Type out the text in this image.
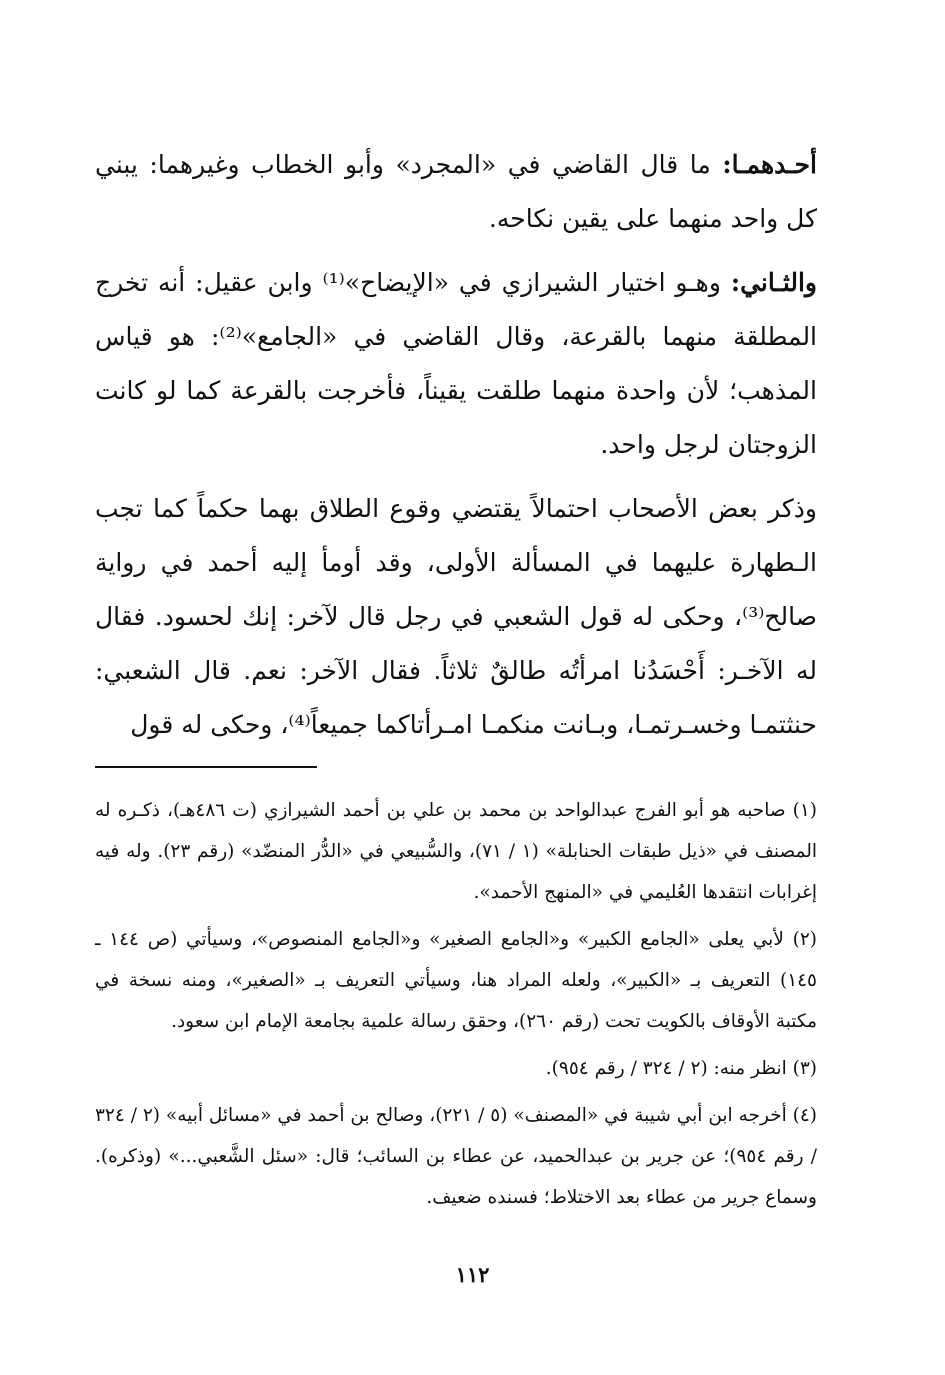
أحـدهمـا: ما قال القاضي في «المجرد» وأبو الخطاب وغيرهما: يبني كل واحد منهما على يقين نكاحه.

والثـاني: وهـو اختيار الشيرازي في «الإيضاح»⁽¹⁾ وابن عقيل: أنه تخرج المطلقة منهما بالقرعة، وقال القاضي في «الجامع»⁽²⁾: هو قياس المذهب؛ لأن واحدة منهما طلقت يقيناً، فأخرجت بالقرعة كما لو كانت الزوجتان لرجل واحد.

وذكر بعض الأصحاب احتمالاً يقتضي وقوع الطلاق بهما حكماً كما تجب الـطهارة عليهما في المسألة الأولى، وقد أومأ إليه أحمد في رواية صالح⁽³⁾، وحكى له قول الشعبي في رجل قال لآخر: إنك لحسود. فقال له الآخـر: أَحْسَدُنا امرأتُه طالقٌ ثلاثاً. فقال الآخر: نعم. قال الشعبي: حنثتمـا وخسـرتمـا، وبـانت منكمـا امـرأتاكما جميعاً⁽⁴⁾، وحكى له قول

(١) صاحبه هو أبو الفرج عبدالواحد بن محمد بن علي بن أحمد الشيرازي (ت ٤٨٦هـ)، ذكـره له المصنف في «ذيل طبقات الحنابلة» (١ / ٧١)، والسُّبيعي في «الدُّر المنضّد» (رقم ٢٣). وله فيه إغرابات انتقدها العُليمي في «المنهج الأحمد».

(٢) لأبي يعلى «الجامع الكبير» و«الجامع الصغير» و«الجامع المنصوص»، وسيأتي (ص ١٤٤ ـ ١٤٥) التعريف بـ «الكبير»، ولعله المراد هنا، وسيأتي التعريف بـ «الصغير»، ومنه نسخة في مكتبة الأوقاف بالكويت تحت (رقم ٢٦٠)، وحقق رسالة علمية بجامعة الإمام ابن سعود.

(٣) انظر منه: (٢ / ٣٢٤ / رقم ٩٥٤).

(٤) أخرجه ابن أبي شيبة في «المصنف» (٥ / ٢٢١)، وصالح بن أحمد في «مسائل أبيه» (٢ / ٣٢٤ / رقم ٩٥٤)؛ عن جرير بن عبدالحميد، عن عطاء بن السائب؛ قال: «سئل الشَّعبي...» (وذكره). وسماع جرير من عطاء بعد الاختلاط؛ فسنده ضعيف.

١١٢
